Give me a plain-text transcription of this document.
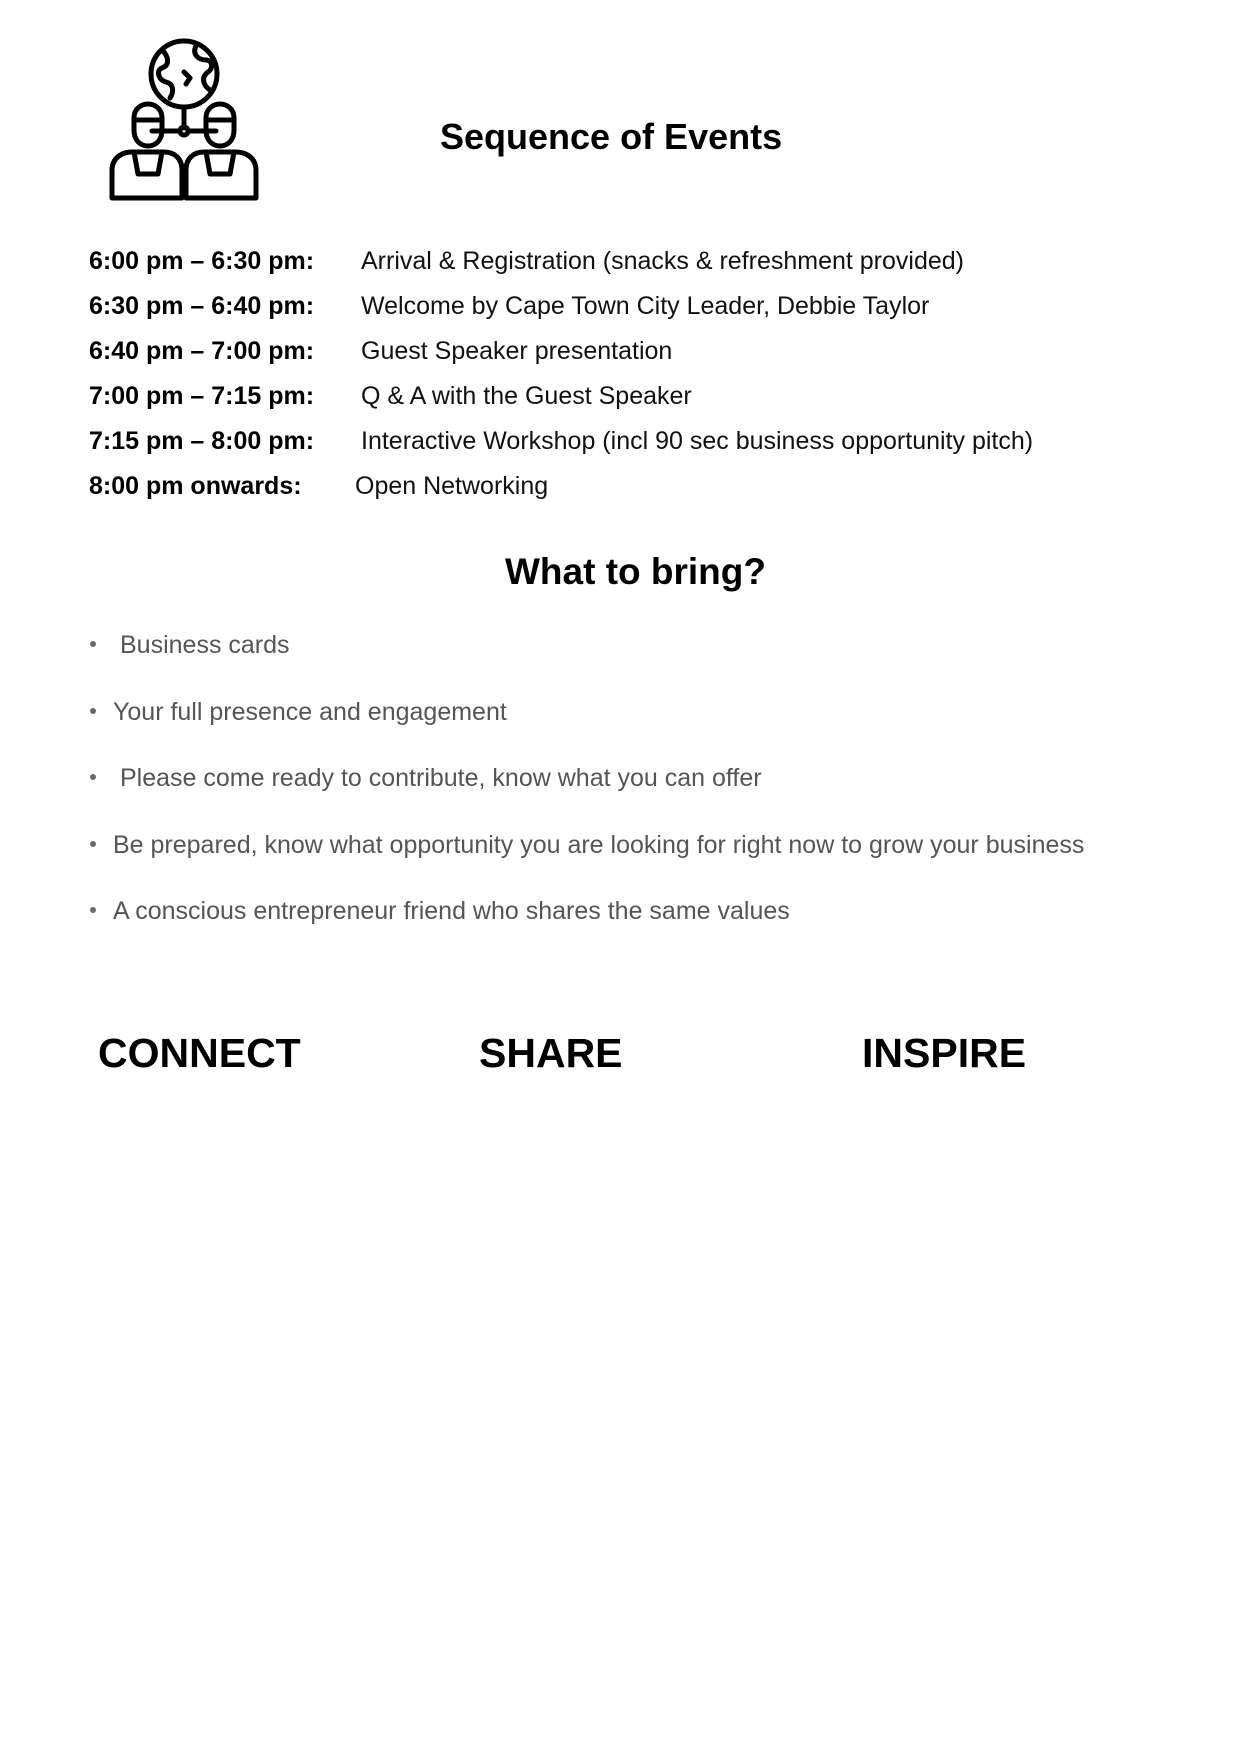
Sequence of Events
6:00 pm – 6:30 pm: Arrival & Registration (snacks & refreshment provided)
6:30 pm – 6:40 pm: Welcome by Cape Town City Leader, Debbie Taylor
6:40 pm – 7:00 pm: Guest Speaker presentation
7:00 pm – 7:15 pm: Q & A with the Guest Speaker
7:15 pm – 8:00 pm: Interactive Workshop (incl 90 sec business opportunity pitch)
8:00 pm onwards: Open Networking
What to bring?
Business cards
Your full presence and engagement
Please come ready to contribute, know what you can offer
Be prepared, know what opportunity you are looking for right now to grow your business
A conscious entrepreneur friend who shares the same values

CONNECT	SHARE	INSPIRE
